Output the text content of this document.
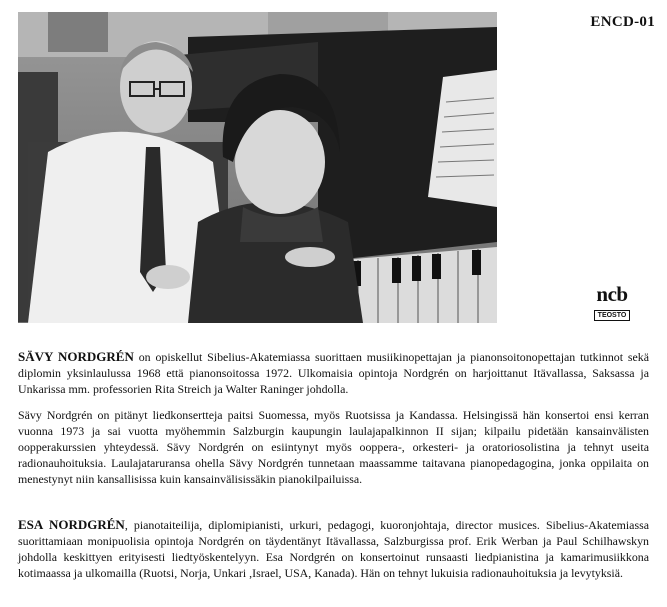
ENCD-01
ncb
TEOSTO

SÄVY NORDGRÉN on opiskellut Sibelius-Akatemiassa suorittaen musiikinopettajan ja pianonsoitonopettajan tutkinnot sekä diplomin yksinlaulussa 1968 että pianonsoitossa 1972. Ulkomaisia opintoja Nordgrén on harjoittanut Itävallassa, Saksassa ja Unkarissa mm. professorien Rita Streich ja Walter Raninger johdolla.

Sävy Nordgrén on pitänyt liedkonsertteja paitsi Suomessa, myös Ruotsissa ja Kandassa. Helsingissä hän konsertoi ensi kerran vuonna 1973 ja sai vuotta myöhemmin Salzburgin kaupungin laulajapalkinnon II sijan; kilpailu pidetään kansainvälisten oopperakurssien yhteydessä. Sävy Nordgrén on esiintynyt myös ooppera-, orkesteri- ja oratoriosolistina ja tehnyt useita radionauhoituksia. Laulajataruransa ohella Sävy Nordgrén tunnetaan maassamme taitavana pianopedagogina, jonka oppilaita on menestynyt niin kansallisissa kuin kansainvälisissäkin pianokilpailuissa.

ESA NORDGRÉN, pianotaiteilija, diplomipianisti, urkuri, pedagogi, kuoronjohtaja, director musices. Sibelius-Akatemiassa suorittamiaan monipuolisia opintoja Nordgrén on täydentänyt Itävallassa, Salzburgissa prof. Erik Werban ja Paul Schilhawskyn johdolla keskittyen erityisesti liedtyöskentelyyn. Esa Nordgrén on konsertoinut runsaasti liedpianistina ja kamarimusiikkona kotimaassa ja ulkomailla (Ruotsi, Norja, Unkari ,Israel, USA, Kanada). Hän on tehnyt lukuisia radionauhoituksia ja levytyksiä.
